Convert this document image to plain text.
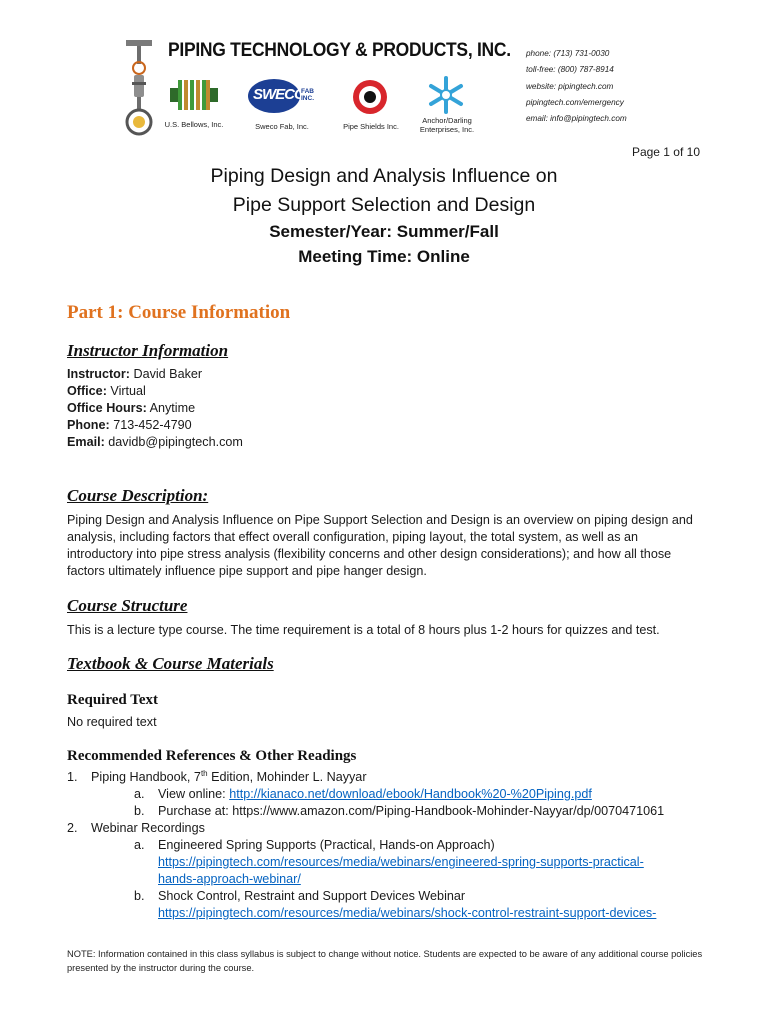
PIPING TECHNOLOGY & PRODUCTS, INC.
U.S. Bellows, Inc.
SWECO
FAB INC.
Sweco Fab, Inc.	Pipe Shields Inc.
Anchor/Darling
Enterprises, Inc.
phone: (713) 731-0030
toll-free: (800) 787-8914
website: pipingtech.com
pipingtech.com/emergency
email: info@pipingtech.com
Page 1 of 10
Piping Design and Analysis Influence on
Pipe Support Selection and Design
Semester/Year: Summer/Fall
Meeting Time: Online
Part 1: Course Information
Instructor Information
Instructor: David Baker
Office: Virtual
Office Hours: Anytime
Phone: 713-452-4790
Email: davidb@pipingtech.com
Course Description:
Piping Design and Analysis Influence on Pipe Support Selection and Design is an overview on piping design and analysis, including factors that effect overall configuration, piping layout, the total system, as well as an introductory into pipe stress analysis (flexibility concerns and other design considerations); and how all those factors ultimately influence pipe support and pipe hanger design.
Course Structure
This is a lecture type course. The time requirement is a total of 8 hours plus 1-2 hours for quizzes and test.
Textbook & Course Materials
Required Text
No required text
Recommended References & Other Readings
1. Piping Handbook, 7th Edition, Mohinder L. Nayyar
a. View online: http://kianaco.net/download/ebook/Handbook%20-%20Piping.pdf
b. Purchase at: https://www.amazon.com/Piping-Handbook-Mohinder-Nayyar/dp/0070471061
2. Webinar Recordings
a. Engineered Spring Supports (Practical, Hands-on Approach)
https://pipingtech.com/resources/media/webinars/engineered-spring-supports-practical-
hands-approach-webinar/
b. Shock Control, Restraint and Support Devices Webinar
https://pipingtech.com/resources/media/webinars/shock-control-restraint-support-devices-
NOTE: Information contained in this class syllabus is subject to change without notice. Students are expected to be aware of any additional course policies presented by the instructor during the course.
